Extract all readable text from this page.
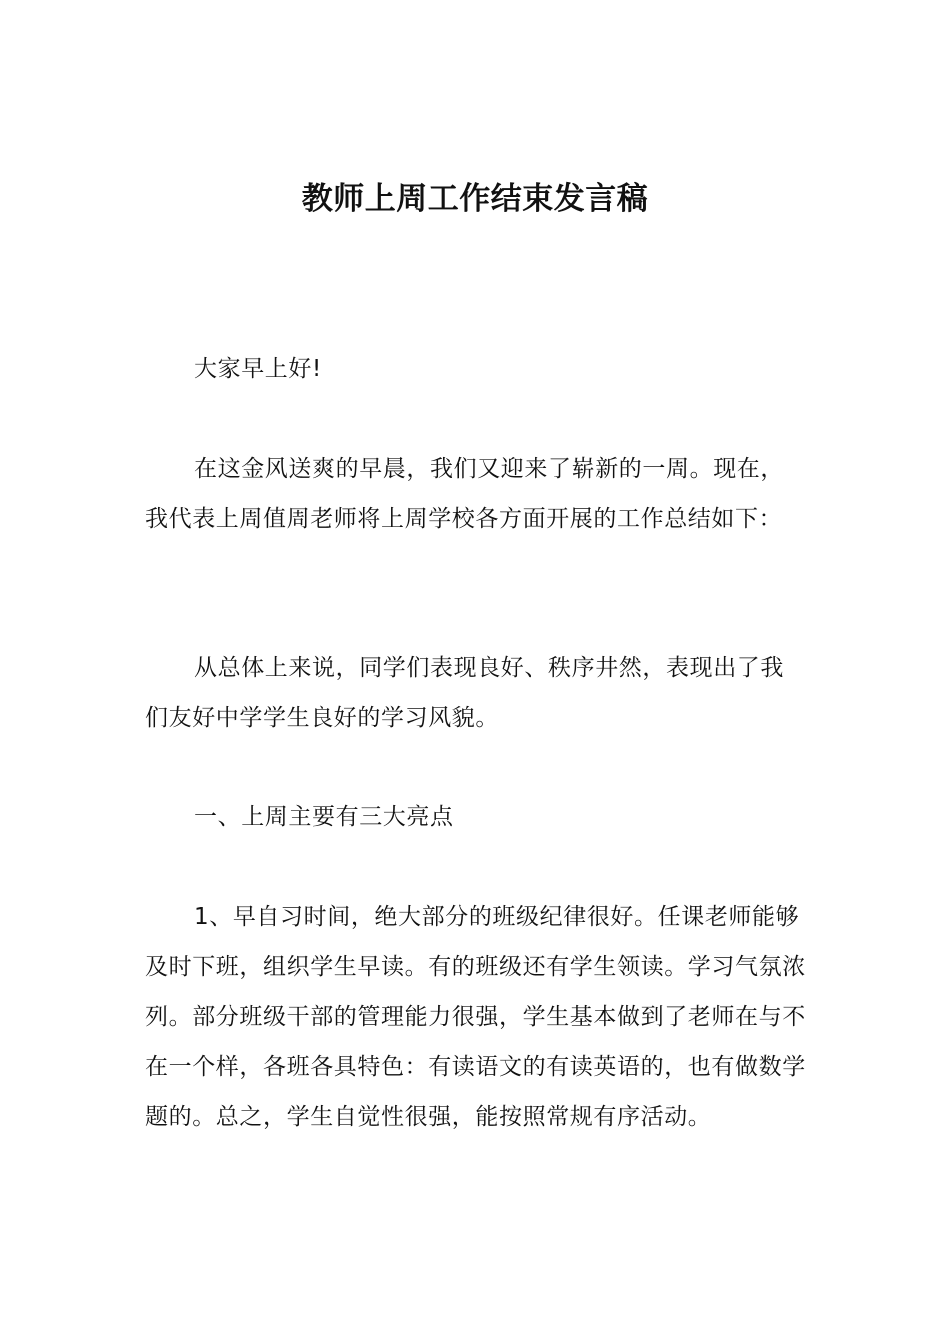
教师上周工作结束发言稿

大家早上好!

在这金风送爽的早晨，我们又迎来了崭新的一周。现在，我代表上周值周老师将上周学校各方面开展的工作总结如下：

从总体上来说，同学们表现良好、秩序井然，表现出了我们友好中学学生良好的学习风貌。

一、上周主要有三大亮点

1、早自习时间，绝大部分的班级纪律很好。任课老师能够及时下班，组织学生早读。有的班级还有学生领读。学习气氛浓列。部分班级干部的管理能力很强，学生基本做到了老师在与不在一个样，各班各具特色：有读语文的有读英语的，也有做数学题的。总之，学生自觉性很强，能按照常规有序活动。
